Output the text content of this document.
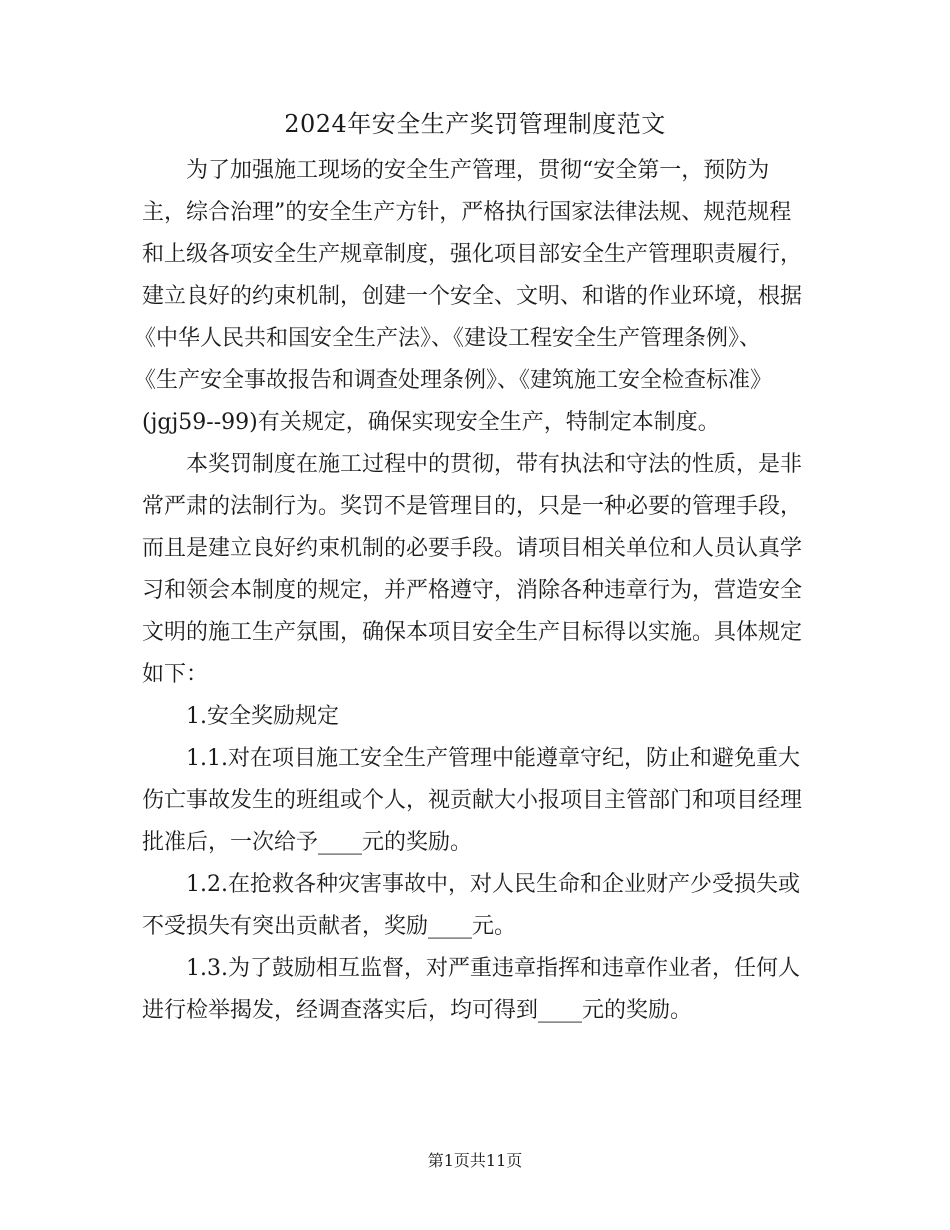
2024年安全生产奖罚管理制度范文

为了加强施工现场的安全生产管理，贯彻“安全第一，预防为

主，综合治理”的安全生产方针，严格执行国家法律法规、规范规程

和上级各项安全生产规章制度，强化项目部安全生产管理职责履行，

建立良好的约束机制，创建一个安全、文明、和谐的作业环境，根据

《中华人民共和国安全生产法》、《建设工程安全生产管理条例》、

《生产安全事故报告和调查处理条例》、《建筑施工安全检查标准》

(jgj59--99)有关规定，确保实现安全生产，特制定本制度。

本奖罚制度在施工过程中的贯彻，带有执法和守法的性质，是非

常严肃的法制行为。奖罚不是管理目的，只是一种必要的管理手段，

而且是建立良好约束机制的必要手段。请项目相关单位和人员认真学

习和领会本制度的规定，并严格遵守，消除各种违章行为，营造安全

文明的施工生产氛围，确保本项目安全生产目标得以实施。具体规定

如下：

1.安全奖励规定

1.1.对在项目施工安全生产管理中能遵章守纪，防止和避免重大

伤亡事故发生的班组或个人，视贡献大小报项目主管部门和项目经理

批准后，一次给予____元的奖励。

1.2.在抢救各种灾害事故中，对人民生命和企业财产少受损失或

不受损失有突出贡献者，奖励____元。

1.3.为了鼓励相互监督，对严重违章指挥和违章作业者，任何人

进行检举揭发，经调查落实后，均可得到____元的奖励。

第1页共11页
